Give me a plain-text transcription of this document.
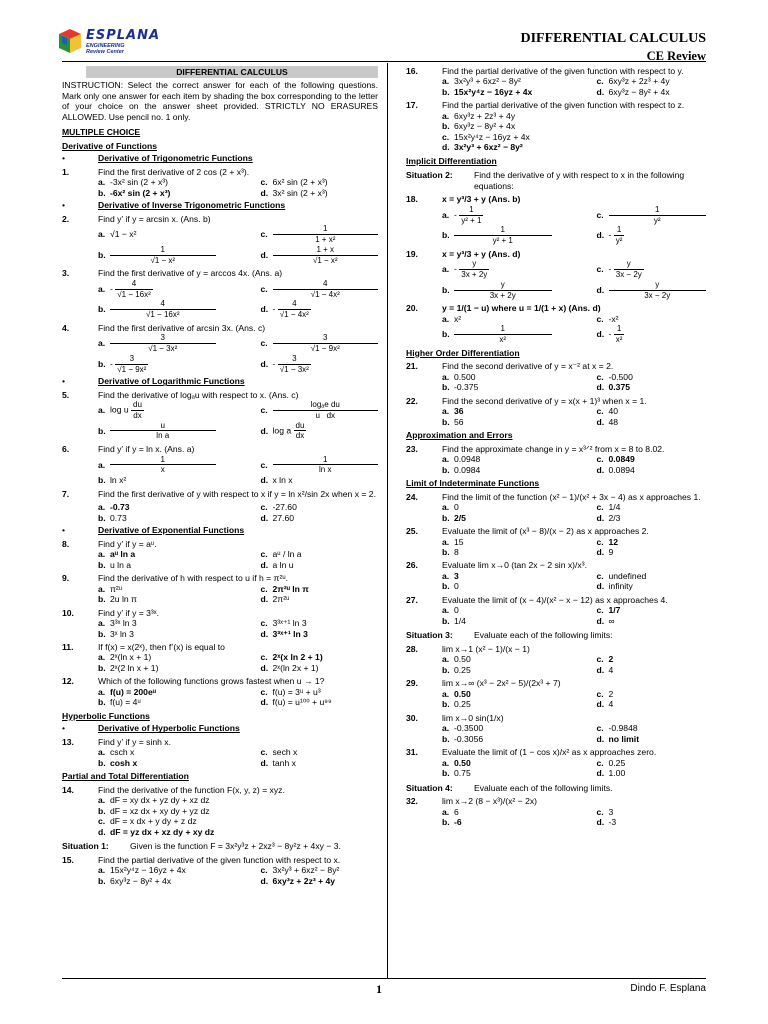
ESPLANA
ENGINEERING
Review Center
DIFFERENTIAL CALCULUS
CE Review
DIFFERENTIAL CALCULUS
INSTRUCTION: Select the correct answer for each of the following questions. Mark only one answer for each item by shading the box corresponding to the letter of your choice on the answer sheet provided. STRICTLY NO ERASURES ALLOWED. Use pencil no. 1 only.
MULTIPLE CHOICE
Derivative of Functions
•	Derivative of Trigonometric Functions
1.	Find the first derivative of 2 cos (2 + x³).
a. -3x² sin (2 + x³)	c. 6x² sin (2 + x³)
b. -6x² sin (2 + x³)	d. 3x² sin (2 + x³)
•	Derivative of Inverse Trigonometric Functions
2.	Find y’ if y = arcsin x. (Ans. b)
a. √1 − x²	c. $\frac{1}{\text{1 + x²}}$
b. $\frac{1}{\text{√1 − x²}}$	d. $\frac{1 + x}{\text{√1 − x²}}$
3.	Find the first derivative of y = arccos 4x. (Ans. a)
a. - $\frac{4}{\text{√1 − 16x²}}$	c. $\frac{4}{\text{√1 − 4x²}}$
b. $\frac{4}{\text{√1 − 16x²}}$	d. - $\frac{4}{\text{√1 − 4x²}}$
4.	Find the first derivative of arcsin 3x. (Ans. c)
a. $\frac{3}{\text{√1 − 3x²}}$	c. $\frac{3}{\text{√1 − 9x²}}$
b. - $\frac{3}{\text{√1 − 9x²}}$	d. - $\frac{3}{\text{√1 − 3x²}}$
•	Derivative of Logarithmic Functions
5.	Find the derivative of logₐu with respect to x. (Ans. c)
a. log u $\frac{du}{dx}$	c. $\frac{\text{logₐe du}}{\text{u   dx}}$
b. $\frac{u}{\text{ln a}}$	d. log a $\frac{du}{dx}$
6.	Find y’ if y = ln x. (Ans. a)
a. $\frac{1}{x}$	c. $\frac{1}{\text{ln x}}$
b. ln x²	d. x ln x
7.	Find the first derivative of y with respect to x if y = ln x²/sin 2x when x = 2.
a. -0.73	c. -27.60
b. 0.73	d. 27.60
•	Derivative of Exponential Functions
8.	Find y’ if y = aᵘ.
a. aᵘ ln a	c. aᵘ / ln a
b. u ln a	d. a ln u
9.	Find the derivative of h with respect to u if h = π²ᵘ.
a. π²ᵘ	c. 2π²ᵘ ln π
b. 2u ln π	d. 2π²ᵘ
10.	Find y’ if y = 3³ˣ.
a. 3³ˣ ln 3	c. 3³ˣ⁺¹ ln 3
b. 3ˣ ln 3	d. 3³ˣ⁺¹ ln 3
11.	If f(x) = x(2ˣ), then f’(x) is equal to
a. 2ˣ(ln x + 1)	c. 2ˣ(x ln 2 + 1)
b. 2ˣ(2 ln x + 1)	d. 2ˣ(ln 2x + 1)
12.	Which of the following functions grows fastest when u → 1?
a. f(u) = 200eᵘ	c. f(u) = 3ᵘ + u³
b. f(u) = 4ᵘ	d. f(u) = u¹⁰⁰ + u⁹⁹
Hyperbolic Functions
•	Derivative of Hyperbolic Functions
13.	Find y’ if y = sinh x.
a. csch x	c. sech x
b. cosh x	d. tanh x
Partial and Total Differentiation
14.	Find the derivative of the function F(x, y, z) = xyz.
a. dF = xy dx + yz dy + xz dz
b. dF = xz dx + xy dy + yz dz
c. dF = x dx + y dy + z dz
d. dF = yz dx + xz dy + xy dz
Situation 1:	Given is the function F = 3x²y³z + 2xz³ − 8y²z + 4xy − 3.
15.	Find the partial derivative of the given function with respect to x.
a. 15x²y⁴z − 16yz + 4x	c. 3x²y³ + 6xz² − 8y²
b. 6xy³z − 8y² + 4x	d. 6xy³z + 2z³ + 4y
16.	Find the partial derivative of the given function with respect to y.
a. 3x²y³ + 6xz² − 8y²	c. 6xy³z + 2z³ + 4y
b. 15x²y⁴z − 16yz + 4x	d. 6xy³z − 8y² + 4x
17.	Find the partial derivative of the given function with respect to z.
a. 6xy³z + 2z³ + 4y
b. 6xy³z − 8y² + 4x
c. 15x²y⁴z − 16yz + 4x
d. 3x²y³ + 6xz² − 8y²
Implicit Differentiation
Situation 2:	Find the derivative of y with respect to x in the following equations:
18.	x = y³/3 + y (Ans. b)
a. - $\frac{1}{\text{y² + 1}}$	c. $\frac{1}{\text{y²}}$
b. $\frac{1}{\text{y² + 1}}$	d. - $\frac{1}{\text{y²}}$
19.	x = y³/3 + y (Ans. d)
a. - $\frac{y}{3x + 2y}$	c. - $\frac{y}{3x - 2y}$
b. $\frac{y}{3x + 2y}$	d. $\frac{y}{3x - 2y}$
20.	y = 1/(1 − u) where u = 1/(1 + x) (Ans. d)
a. x²	c. -x²
b. $\frac{1}{\text{x²}}$	d. - $\frac{1}{\text{x²}}$
Higher Order Differentiation
21.	Find the second derivative of y = x⁻² at x = 2.
a. 0.500	c. -0.500
b. -0.375	d. 0.375
22.	Find the second derivative of y = x(x + 1)³ when x = 1.
a. 36	c. 40
b. 56	d. 48
Approximation and Errors
23.	Find the approximate change in y = x³ᐟ² from x = 8 to 8.02.
a. 0.0948	c. 0.0849
b. 0.0984	d. 0.0894
Limit of Indeterminate Functions
24.	Find the limit of the function (x² − 1)/(x² + 3x − 4) as x approaches 1.
a. 0	c. 1/4
b. 2/5	d. 2/3
25.	Evaluate the limit of (x³ − 8)/(x − 2) as x approaches 2.
a. 15	c. 12
b. 8	d. 9
26.	Evaluate lim x→0 (tan 2x − 2 sin x)/x³.
a. 3	c. undefined
b. 0	d. infinity
27.	Evaluate the limit of (x − 4)/(x² − x − 12) as x approaches 4.
a. 0	c. 1/7
b. 1/4	d. ∞
Situation 3:	Evaluate each of the following limits:
28.	lim x→1 (x² − 1)/(x − 1)
a. 0.50	c. 2
b. 0.25	d. 4
29.	lim x→∞ (x³ − 2x² − 5)/(2x³ + 7)
a. 0.50	c. 2
b. 0.25	d. 4
30.	lim x→0 sin(1/x)
a. -0.3500	c. -0.9848
b. -0.3056	d. no limit
31.	Evaluate the limit of (1 − cos x)/x² as x approaches zero.
a. 0.50	c. 0.25
b. 0.75	d. 1.00
Situation 4:	Evaluate each of the following limits.
32.	lim x→2 (8 − x³)/(x² − 2x)
a. 6	c. 3
b. -6	d. -3
1	Dindo F. Esplana
